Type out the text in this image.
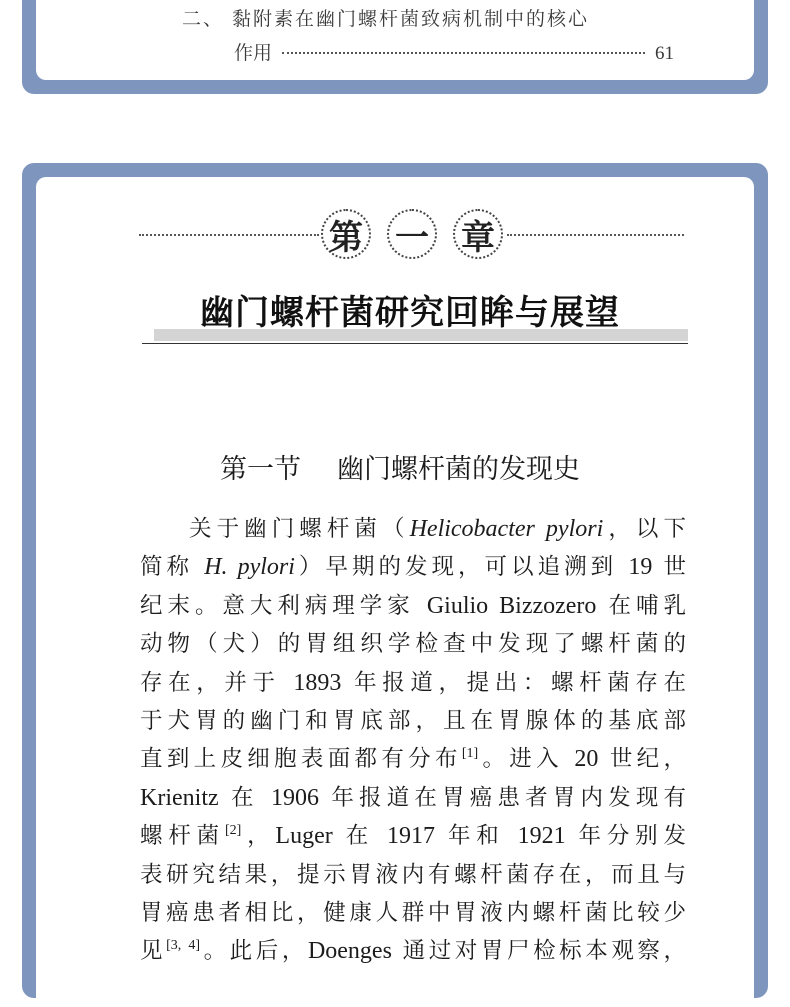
二、 黏附素在幽门螺杆菌致病机制中的核心
作用	61
第 一 章
幽门螺杆菌研究回眸与展望
第一节 幽门螺杆菌的发现史
关于幽门螺杆菌（Helicobacter pylori，以下
简称 H. pylori）早期的发现，可以追溯到 19 世
纪末。意大利病理学家 Giulio Bizzozero 在哺乳
动物（犬）的胃组织学检查中发现了螺杆菌的
存在，并于 1893 年报道，提出：螺杆菌存在
于犬胃的幽门和胃底部，且在胃腺体的基底部
直到上皮细胞表面都有分布[1]。进入 20 世纪，
Krienitz 在 1906 年报道在胃癌患者胃内发现有
螺杆菌[2]，Luger 在 1917 年和 1921 年分别发
表研究结果，提示胃液内有螺杆菌存在，而且与
胃癌患者相比，健康人群中胃液内螺杆菌比较少
见[3, 4]。此后，Doenges 通过对胃尸检标本观察，
